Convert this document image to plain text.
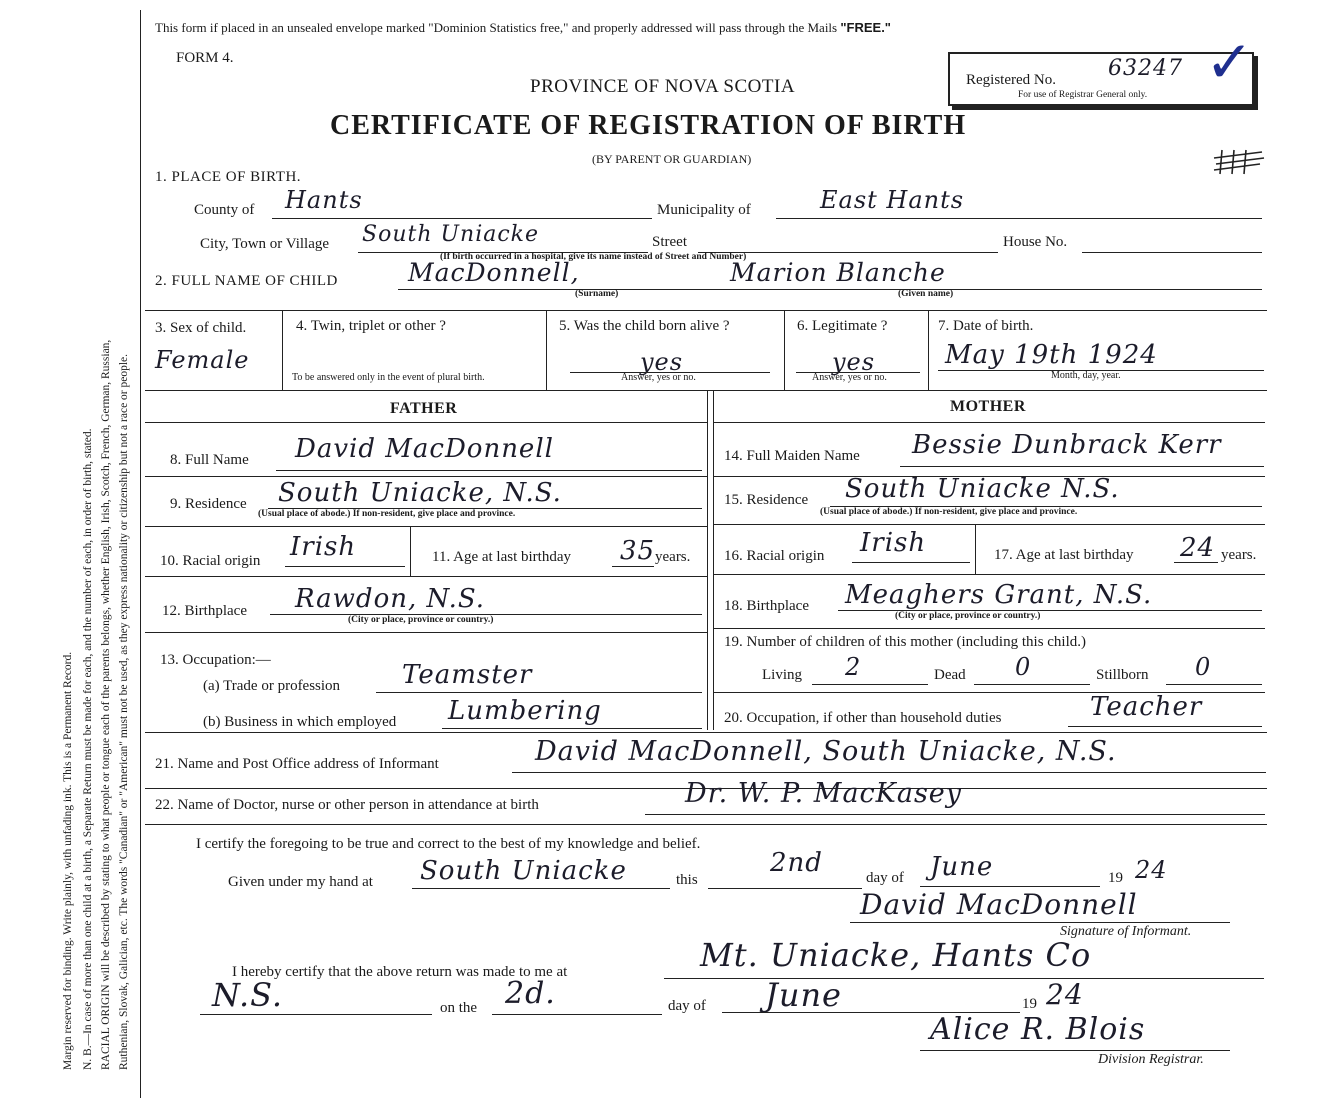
Margin reserved for binding. Write plainly, with unfading ink. This is a Permanent Record. N. B.—In case of more than one child at a birth, a Separate Return must be made for each, and the number of each, in order of birth, stated. RACIAL ORIGIN will be described by stating to what people or tongue each of the parents belongs, whether English, Irish, Scotch, French, German, Russian, Ruthenian, Slovak, Galician, etc. The words "Canadian" or "American" must not be used, as they express nationality or citizenship but not a race or people.
This form if placed in an unsealed envelope marked "Dominion Statistics free," and properly addressed will pass through the Mails "FREE."
FORM 4.
PROVINCE OF NOVA SCOTIA
CERTIFICATE OF REGISTRATION OF BIRTH
(BY PARENT OR GUARDIAN)
Registered No. 63247
For use of Registrar General only. ✓
1. PLACE OF BIRTH.
County of Hants	Municipality of	East Hants
City, Town or Village South Uniacke	Street	House No.
(If birth occurred in a hospital, give its name instead of Street and Number)
2. FULL NAME OF CHILD	MacDonnell,	Marion Blanche
(Surname)	(Given name)
3. Sex of child.
Female
4. Twin, triplet or other ?
To be answered only in the event of plural birth.
5. Was the child born alive ?
yes
Answer, yes or no.
6. Legitimate ?
yes
Answer, yes or no.
7. Date of birth.
May 19th 1924
Month, day, year.
FATHER	MOTHER
8. Full Name David MacDonnell
9. Residence South Uniacke, N.S.
(Usual place of abode.) If non-resident, give place and province.
10. Racial origin Irish	11. Age at last birthday 35 years.
12. Birthplace Rawdon, N.S.
(City or place, province or country.)
13. Occupation:—
(a) Trade or profession Teamster
(b) Business in which employed Lumbering
14. Full Maiden Name Bessie Dunbrack Kerr
15. Residence South Uniacke N.S.
(Usual place of abode.) If non-resident, give place and province.
16. Racial origin Irish	17. Age at last birthday 24 years.
18. Birthplace Meaghers Grant, N.S.
(City or place, province or country.)
19. Number of children of this mother (including this child.)
Living 2	Dead 0	Stillborn 0
20. Occupation, if other than household duties	Teacher
21. Name and Post Office address of Informant	David MacDonnell, South Uniacke, N.S.
22. Name of Doctor, nurse or other person in attendance at birth	Dr. W. P. MacKasey
I certify the foregoing to be true and correct to the best of my knowledge and belief.
Given under my hand at South Uniacke	this
2nd	day of June	19 24
David MacDonnell
Signature of Informant.
I hereby certify that the above return was made to me at	Mt. Uniacke, Hants Co
N.S.	on the 2d.	day of June	19 24
Alice R. Blois
Division Registrar.
